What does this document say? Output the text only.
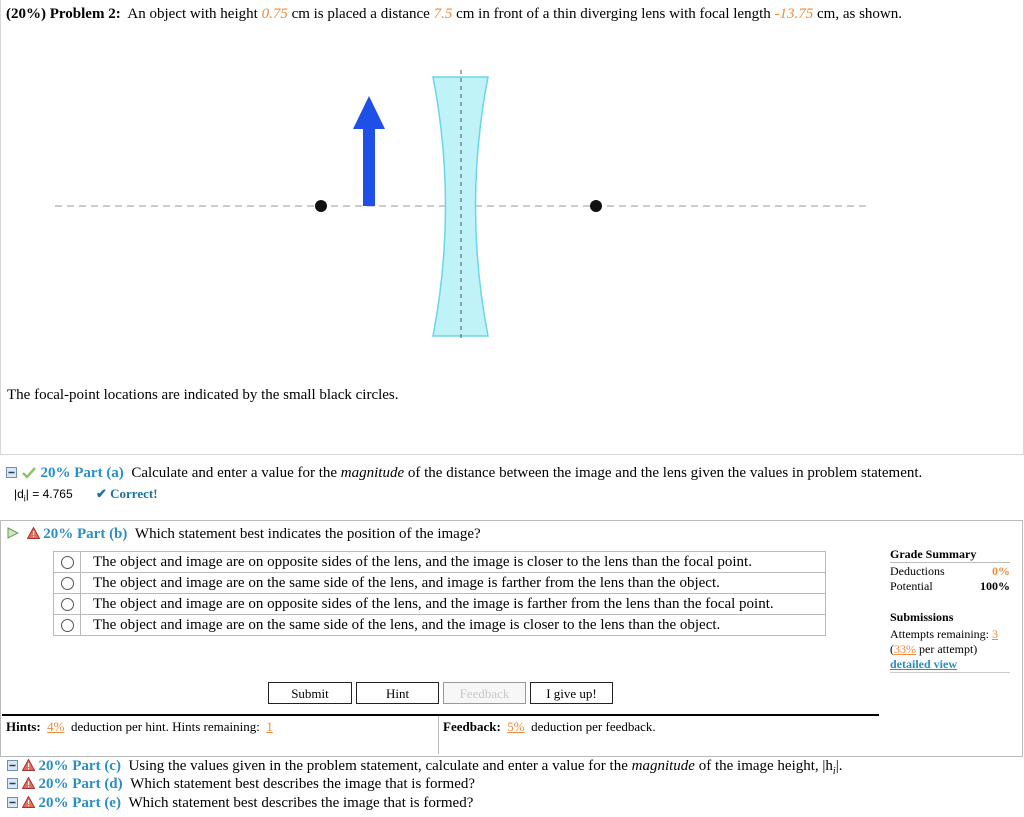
(20%) Problem 2: An object with height 0.75 cm is placed a distance 7.5 cm in front of a thin diverging lens with focal length -13.75 cm, as shown.
The focal-point locations are indicated by the small black circles.
20% Part (a) Calculate and enter a value for the magnitude of the distance between the image and the lens given the values in problem statement.
$|d_i| = 4.765$ ✔ Correct!
20% Part (b) Which statement best indicates the position of the image?
	The object and image are on opposite sides of the lens, and the image is closer to the lens than the focal point.
	The object and image are on the same side of the lens, and image is farther from the lens than the object.
	The object and image are on opposite sides of the lens, and the image is farther from the lens than the focal point.
	The object and image are on the same side of the lens, and the image is closer to the lens than the object.
Submit	Hint	Feedback	I give up!
Hints: 4% deduction per hint. Hints remaining: 1	Feedback: 5% deduction per feedback.
Grade Summary
Deductions	0%
Potential	100%
Submissions
Attempts remaining: 3
(33% per attempt)
detailed view
20% Part (c) Using the values given in the problem statement, calculate and enter a value for the magnitude of the image height, $|h_i|$.
20% Part (d) Which statement best describes the image that is formed?
20% Part (e) Which statement best describes the image that is formed?
